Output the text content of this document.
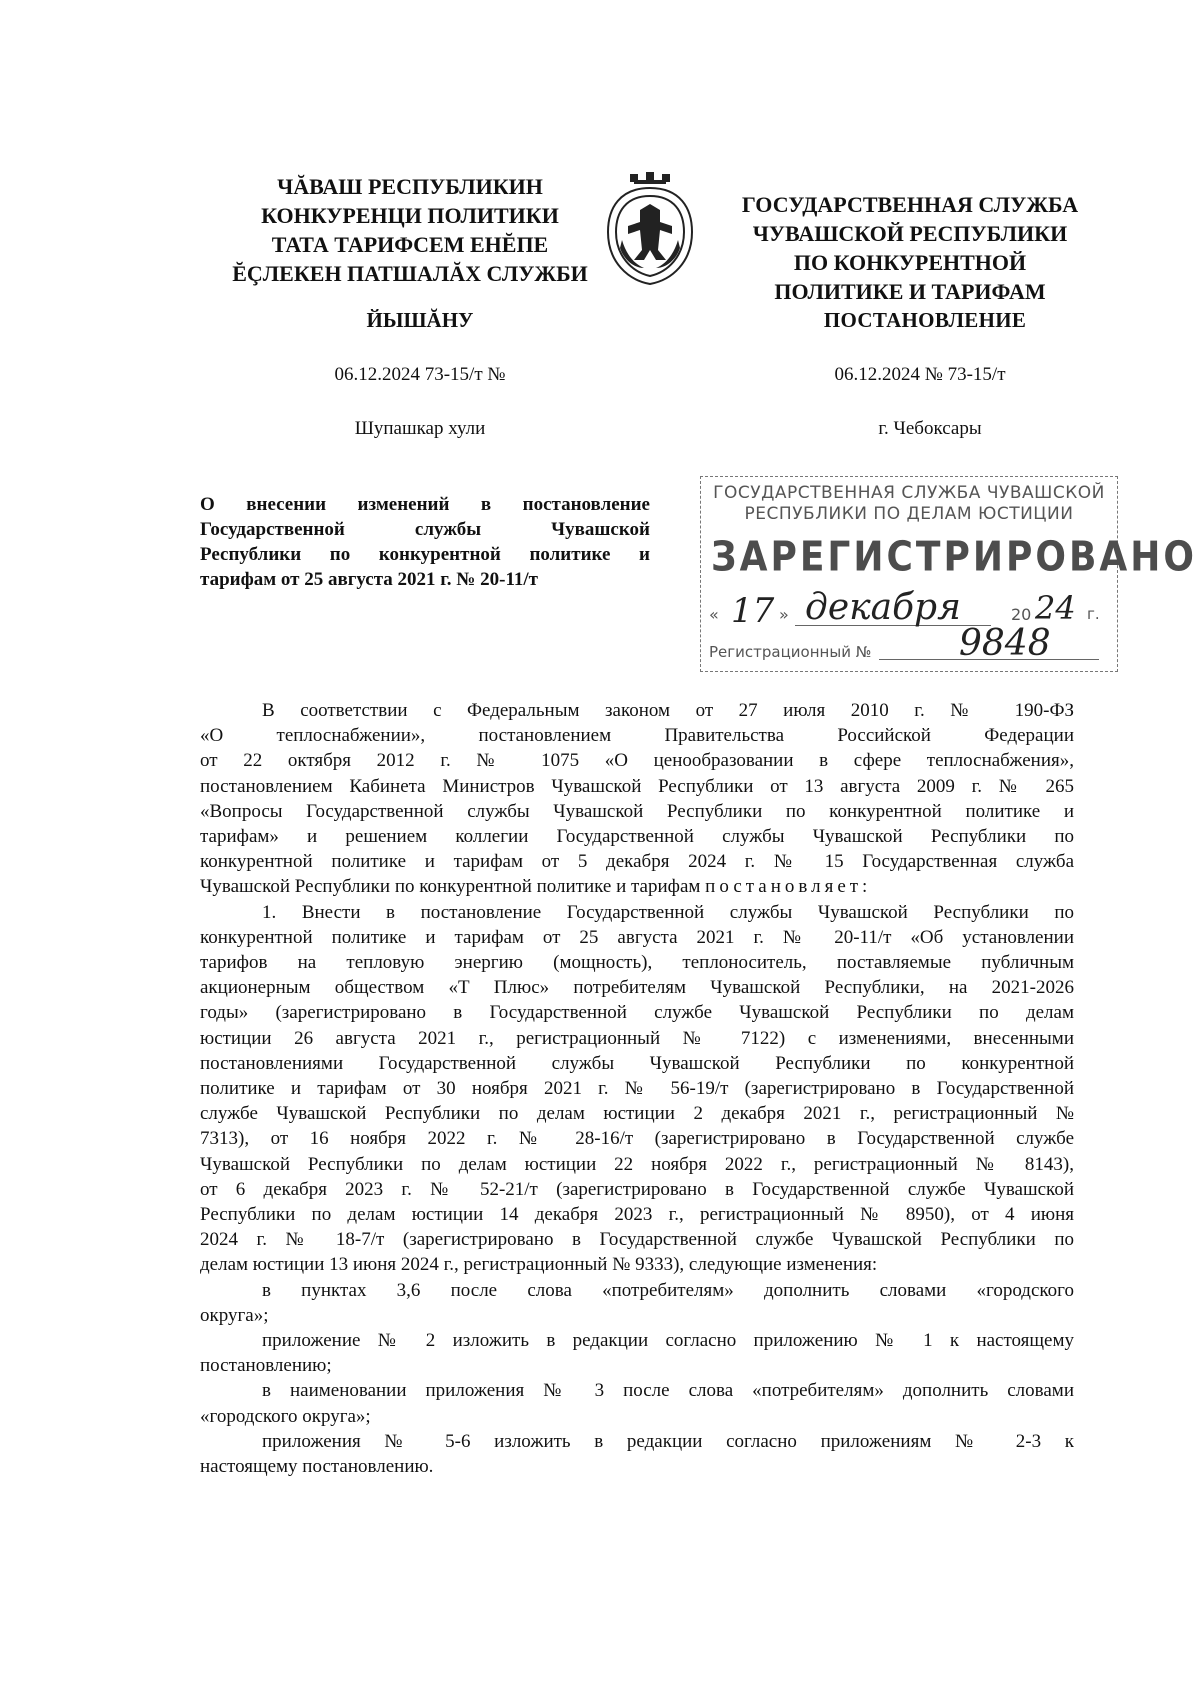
ЧĂВАШ РЕСПУБЛИКИН
КОНКУРЕНЦИ ПОЛИТИКИ
ТАТА ТАРИФСЕМ ЕНĔПЕ
ĔÇЛЕКЕН ПАТШАЛĂХ СЛУЖБИ
ГОСУДАРСТВЕННАЯ СЛУЖБА
ЧУВАШСКОЙ РЕСПУБЛИКИ
ПО КОНКУРЕНТНОЙ
ПОЛИТИКЕ И ТАРИФАМ
ЙЫШĂНУ	ПОСТАНОВЛЕНИЕ
06.12.2024 73-15/т №	06.12.2024 № 73-15/т
Шупашкар хули	г. Чебоксары
О внесении изменений в постановление
Государственной службы Чувашской
Республики по конкурентной политике и
тарифам от 25 августа 2021 г. № 20-11/т
ГОСУДАРСТВЕННАЯ СЛУЖБА ЧУВАШСКОЙ
РЕСПУБЛИКИ ПО ДЕЛАМ ЮСТИЦИИ
ЗАРЕГИСТРИРОВАНО
« 17 » декабря	20 24 г.
Регистрационный № 9848
В соответствии с Федеральным законом от 27 июля 2010 г. № 190-ФЗ
«О теплоснабжении», постановлением Правительства Российской Федерации
от 22 октября 2012 г. № 1075 «О ценообразовании в сфере теплоснабжения»,
постановлением Кабинета Министров Чувашской Республики от 13 августа 2009 г. № 265
«Вопросы Государственной службы Чувашской Республики по конкурентной политике и
тарифам» и решением коллегии Государственной службы Чувашской Республики по
конкурентной политике и тарифам от 5 декабря 2024 г. № 15 Государственная служба
Чувашской Республики по конкурентной политике и тарифам постановляет:
1. Внести в постановление Государственной службы Чувашской Республики по
конкурентной политике и тарифам от 25 августа 2021 г. № 20-11/т «Об установлении
тарифов на тепловую энергию (мощность), теплоноситель, поставляемые публичным
акционерным обществом «Т Плюс» потребителям Чувашской Республики, на 2021-2026
годы» (зарегистрировано в Государственной службе Чувашской Республики по делам
юстиции 26 августа 2021 г., регистрационный № 7122) с изменениями, внесенными
постановлениями Государственной службы Чувашской Республики по конкурентной
политике и тарифам от 30 ноября 2021 г. № 56-19/т (зарегистрировано в Государственной
службе Чувашской Республики по делам юстиции 2 декабря 2021 г., регистрационный №
7313), от 16 ноября 2022 г. № 28-16/т (зарегистрировано в Государственной службе
Чувашской Республики по делам юстиции 22 ноября 2022 г., регистрационный № 8143),
от 6 декабря 2023 г. № 52-21/т (зарегистрировано в Государственной службе Чувашской
Республики по делам юстиции 14 декабря 2023 г., регистрационный № 8950), от 4 июня
2024 г. № 18-7/т (зарегистрировано в Государственной службе Чувашской Республики по
делам юстиции 13 июня 2024 г., регистрационный № 9333), следующие изменения:
в пунктах 3,6 после слова «потребителям» дополнить словами «городского
округа»;
приложение № 2 изложить в редакции согласно приложению № 1 к настоящему
постановлению;
в наименовании приложения № 3 после слова «потребителям» дополнить словами
«городского округа»;
приложения № 5-6 изложить в редакции согласно приложениям № 2-3 к
настоящему постановлению.
